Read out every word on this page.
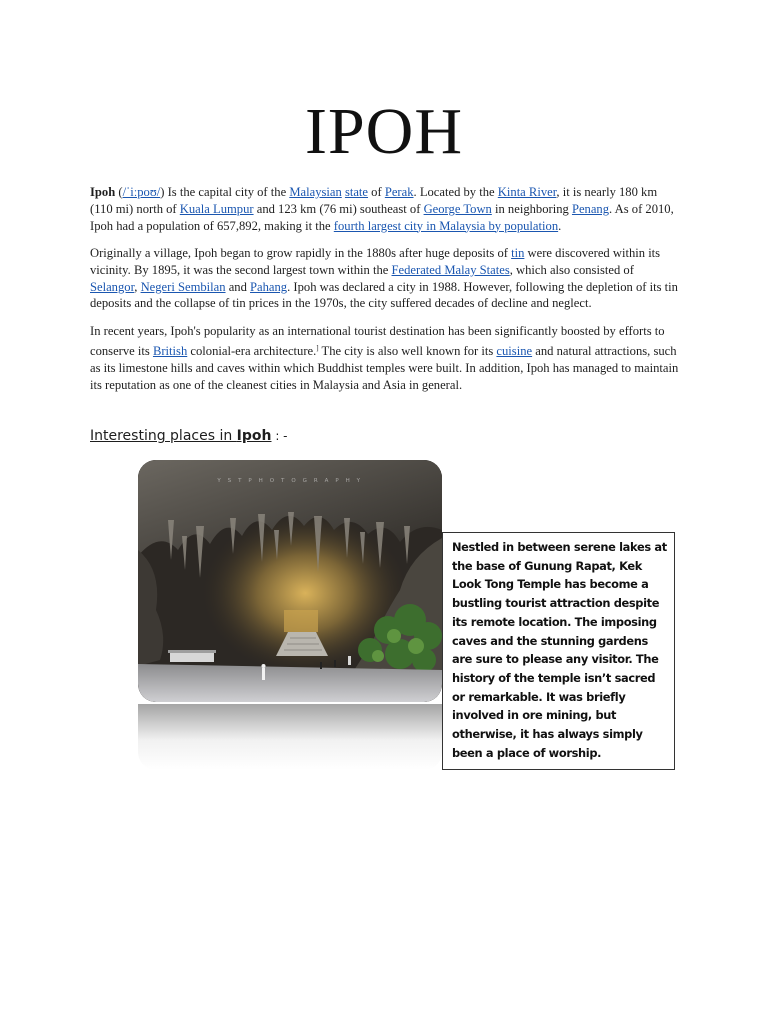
IPOH

Ipoh (/ˈiːpoʊ/) Is the capital city of the Malaysian state of Perak. Located by the Kinta River, it is nearly 180 km (110 mi) north of Kuala Lumpur and 123 km (76 mi) southeast of George Town in neighboring Penang. As of 2010, Ipoh had a population of 657,892, making it the fourth largest city in Malaysia by population.

Originally a village, Ipoh began to grow rapidly in the 1880s after huge deposits of tin were discovered within its vicinity. By 1895, it was the second largest town within the Federated Malay States, which also consisted of Selangor, Negeri Sembilan and Pahang. Ipoh was declared a city in 1988. However, following the depletion of its tin deposits and the collapse of tin prices in the 1970s, the city suffered decades of decline and neglect.

In recent years, Ipoh's popularity as an international tourist destination has been significantly boosted by efforts to conserve its British colonial-era architecture.] The city is also well known for its cuisine and natural attractions, such as its limestone hills and caves within which Buddhist temples were built. In addition, Ipoh has managed to maintain its reputation as one of the cleanest cities in Malaysia and Asia in general.

Interesting places in Ipoh : -
Y S T P H O T O G R A P H Y
Nestled in between serene lakes at the base of Gunung Rapat, Kek Look Tong Temple has become a bustling tourist attraction despite its remote location. The imposing caves and the stunning gardens are sure to please any visitor. The history of the temple isn’t sacred or remarkable. It was briefly involved in ore mining, but otherwise, it has always simply been a place of worship.
